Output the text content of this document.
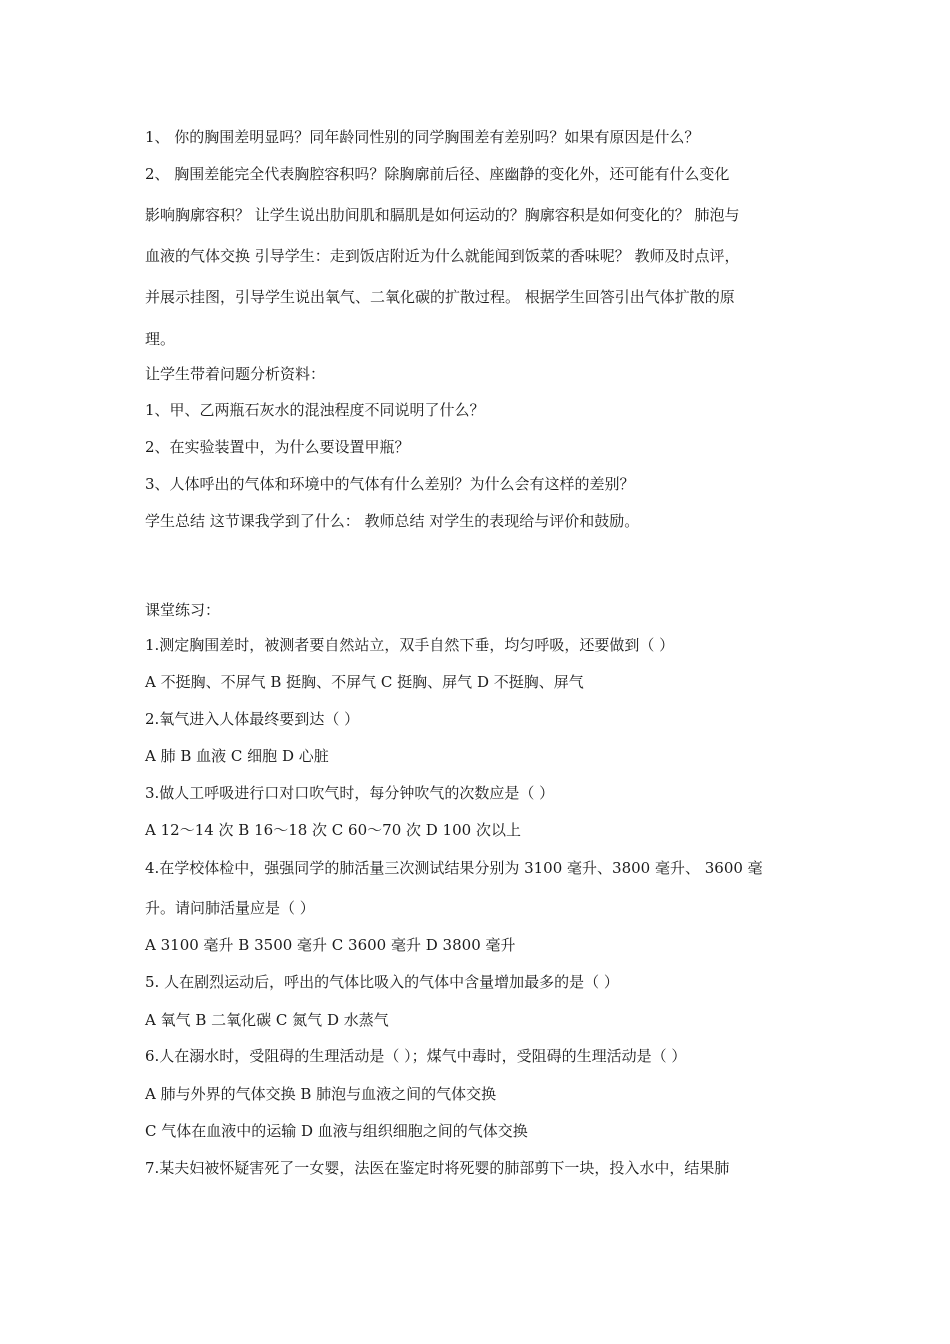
1、 你的胸围差明显吗？同年龄同性别的同学胸围差有差别吗？如果有原因是什么？
2、 胸围差能完全代表胸腔容积吗？除胸廓前后径、座幽静的变化外，还可能有什么变化
影响胸廓容积？ 让学生说出肋间肌和膈肌是如何运动的？胸廓容积是如何变化的？ 肺泡与
血液的气体交换 引导学生：走到饭店附近为什么就能闻到饭菜的香味呢？ 教师及时点评，
并展示挂图，引导学生说出氧气、二氧化碳的扩散过程。 根据学生回答引出气体扩散的原
理。
让学生带着问题分析资料：
1、甲、乙两瓶石灰水的混浊程度不同说明了什么？
2、在实验装置中，为什么要设置甲瓶？
3、人体呼出的气体和环境中的气体有什么差别？为什么会有这样的差别？
学生总结 这节课我学到了什么： 教师总结 对学生的表现给与评价和鼓励。
课堂练习：
1.测定胸围差时，被测者要自然站立，双手自然下垂，均匀呼吸，还要做到（ ）
A 不挺胸、不屏气 B 挺胸、不屏气 C 挺胸、屏气 D 不挺胸、屏气
2.氧气进入人体最终要到达（ ）
A 肺 B 血液 C 细胞 D 心脏
3.做人工呼吸进行口对口吹气时，每分钟吹气的次数应是（ ）
A 12～14 次 B 16～18 次 C 60～70 次 D 100 次以上
4.在学校体检中，强强同学的肺活量三次测试结果分别为 3100 毫升、3800 毫升、 3600 毫
升。请问肺活量应是（ ）
A 3100 毫升 B 3500 毫升 C 3600 毫升 D 3800 毫升
5. 人在剧烈运动后，呼出的气体比吸入的气体中含量增加最多的是（ ）
A 氧气 B 二氧化碳 C 氮气 D 水蒸气
6.人在溺水时，受阻碍的生理活动是（ ）；煤气中毒时，受阻碍的生理活动是（ ）
A 肺与外界的气体交换 B 肺泡与血液之间的气体交换
C 气体在血液中的运输 D 血液与组织细胞之间的气体交换
7.某夫妇被怀疑害死了一女婴，法医在鉴定时将死婴的肺部剪下一块，投入水中，结果肺
